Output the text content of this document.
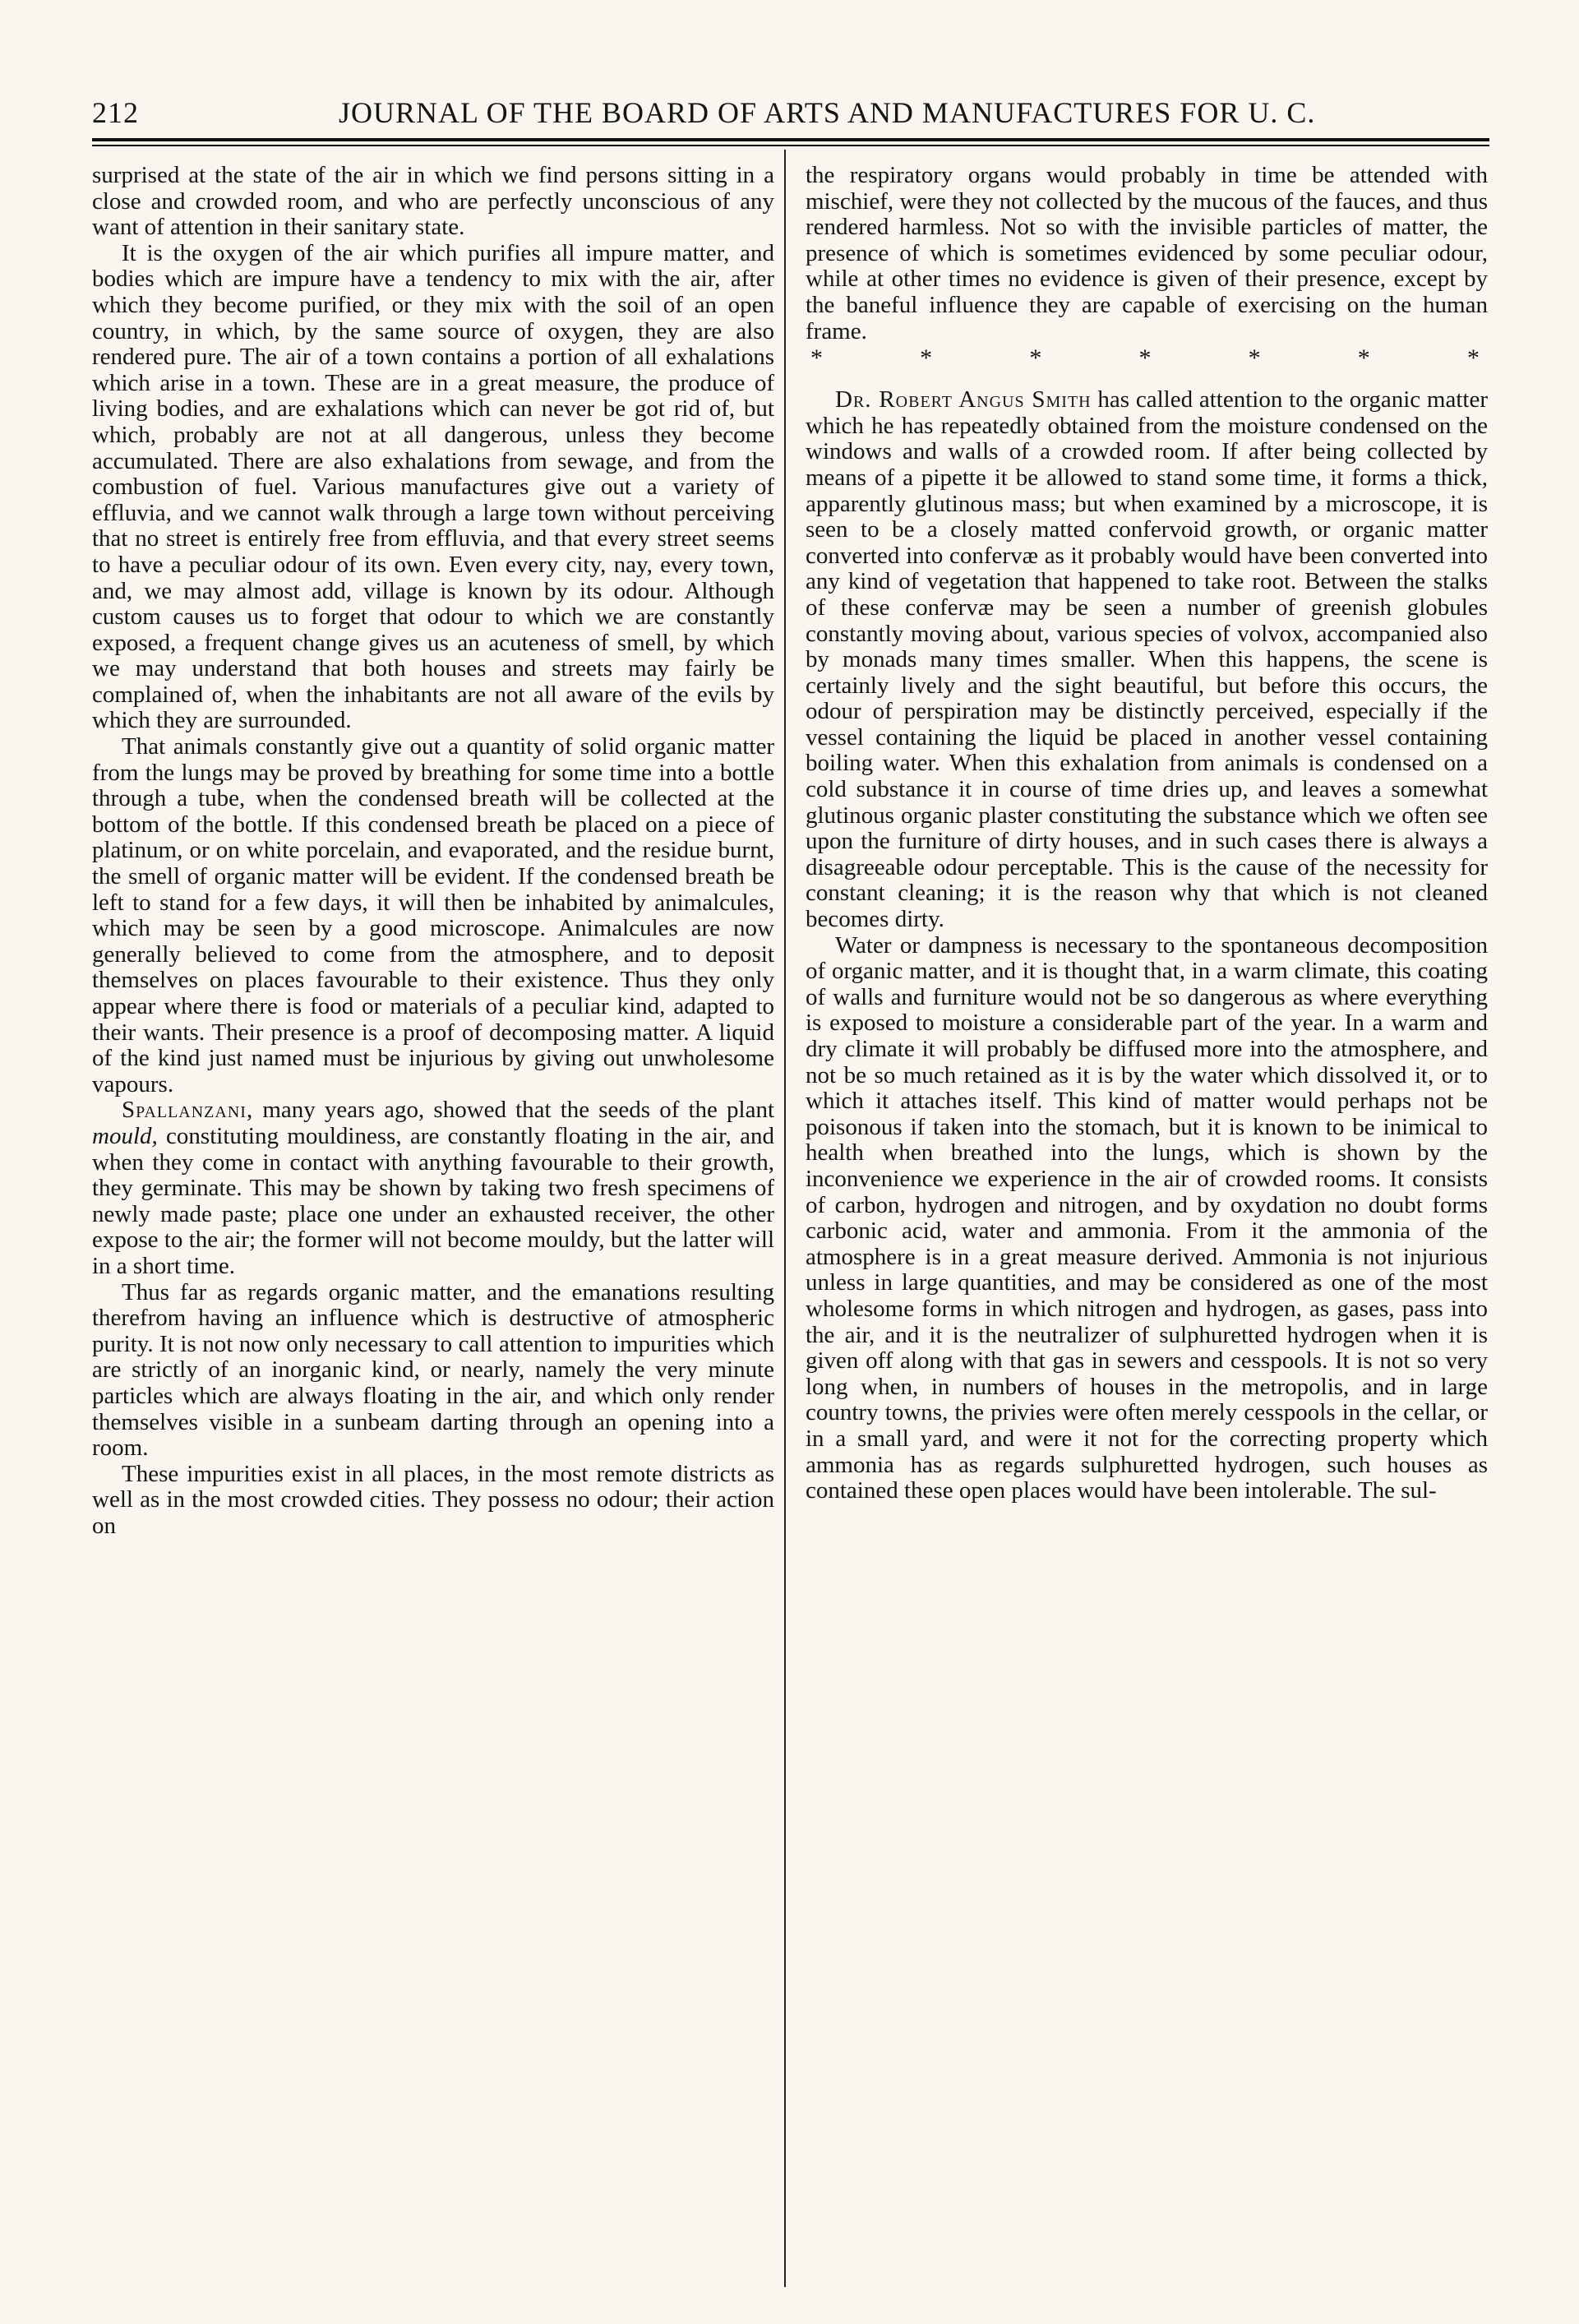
212	JOURNAL OF THE BOARD OF ARTS AND MANUFACTURES FOR U. C.

surprised at the state of the air in which we find persons sitting in a close and crowded room, and who are perfectly unconscious of any want of attention in their sanitary state.

It is the oxygen of the air which purifies all impure matter, and bodies which are impure have a tendency to mix with the air, after which they become purified, or they mix with the soil of an open country, in which, by the same source of oxygen, they are also rendered pure. The air of a town contains a portion of all exhalations which arise in a town. These are in a great measure, the produce of living bodies, and are exhalations which can never be got rid of, but which, probably are not at all dangerous, unless they become accumulated. There are also exhalations from sewage, and from the combustion of fuel. Various manufactures give out a variety of effluvia, and we cannot walk through a large town without perceiving that no street is entirely free from effluvia, and that every street seems to have a peculiar odour of its own. Even every city, nay, every town, and, we may almost add, village is known by its odour. Although custom causes us to forget that odour to which we are constantly exposed, a frequent change gives us an acuteness of smell, by which we may understand that both houses and streets may fairly be complained of, when the inhabitants are not all aware of the evils by which they are surrounded.

That animals constantly give out a quantity of solid organic matter from the lungs may be proved by breathing for some time into a bottle through a tube, when the condensed breath will be collected at the bottom of the bottle. If this condensed breath be placed on a piece of platinum, or on white porcelain, and evaporated, and the residue burnt, the smell of organic matter will be evident. If the condensed breath be left to stand for a few days, it will then be inhabited by animalcules, which may be seen by a good microscope. Animalcules are now generally believed to come from the atmosphere, and to deposit themselves on places favourable to their existence. Thus they only appear where there is food or materials of a peculiar kind, adapted to their wants. Their presence is a proof of decomposing matter. A liquid of the kind just named must be injurious by giving out unwholesome vapours.

Spallanzani, many years ago, showed that the seeds of the plant mould, constituting mouldiness, are constantly floating in the air, and when they come in contact with anything favourable to their growth, they germinate. This may be shown by taking two fresh specimens of newly made paste; place one under an exhausted receiver, the other expose to the air; the former will not become mouldy, but the latter will in a short time.

Thus far as regards organic matter, and the emanations resulting therefrom having an influence which is destructive of atmospheric purity. It is not now only necessary to call attention to impurities which are strictly of an inorganic kind, or nearly, namely the very minute particles which are always floating in the air, and which only render themselves visible in a sunbeam darting through an opening into a room.

These impurities exist in all places, in the most remote districts as well as in the most crowded cities. They possess no odour; their action on

the respiratory organs would probably in time be attended with mischief, were they not collected by the mucous of the fauces, and thus rendered harmless. Not so with the invisible particles of matter, the presence of which is sometimes evidenced by some peculiar odour, while at other times no evidence is given of their presence, except by the baneful influence they are capable of exercising on the human frame.

*	*	*	*	*	*	*

Dr. Robert Angus Smith has called attention to the organic matter which he has repeatedly obtained from the moisture condensed on the windows and walls of a crowded room. If after being collected by means of a pipette it be allowed to stand some time, it forms a thick, apparently glutinous mass; but when examined by a microscope, it is seen to be a closely matted confervoid growth, or organic matter converted into confervæ as it probably would have been converted into any kind of vegetation that happened to take root. Between the stalks of these confervæ may be seen a number of greenish globules constantly moving about, various species of volvox, accompanied also by monads many times smaller. When this happens, the scene is certainly lively and the sight beautiful, but before this occurs, the odour of perspiration may be distinctly perceived, especially if the vessel containing the liquid be placed in another vessel containing boiling water. When this exhalation from animals is condensed on a cold substance it in course of time dries up, and leaves a somewhat glutinous organic plaster constituting the substance which we often see upon the furniture of dirty houses, and in such cases there is always a disagreeable odour perceptable. This is the cause of the necessity for constant cleaning; it is the reason why that which is not cleaned becomes dirty.

Water or dampness is necessary to the spontaneous decomposition of organic matter, and it is thought that, in a warm climate, this coating of walls and furniture would not be so dangerous as where everything is exposed to moisture a considerable part of the year. In a warm and dry climate it will probably be diffused more into the atmosphere, and not be so much retained as it is by the water which dissolved it, or to which it attaches itself. This kind of matter would perhaps not be poisonous if taken into the stomach, but it is known to be inimical to health when breathed into the lungs, which is shown by the inconvenience we experience in the air of crowded rooms. It consists of carbon, hydrogen and nitrogen, and by oxydation no doubt forms carbonic acid, water and ammonia. From it the ammonia of the atmosphere is in a great measure derived. Ammonia is not injurious unless in large quantities, and may be considered as one of the most wholesome forms in which nitrogen and hydrogen, as gases, pass into the air, and it is the neutralizer of sulphuretted hydrogen when it is given off along with that gas in sewers and cesspools. It is not so very long when, in numbers of houses in the metropolis, and in large country towns, the privies were often merely cesspools in the cellar, or in a small yard, and were it not for the correcting property which ammonia has as regards sulphuretted hydrogen, such houses as contained these open places would have been intolerable. The sul-
